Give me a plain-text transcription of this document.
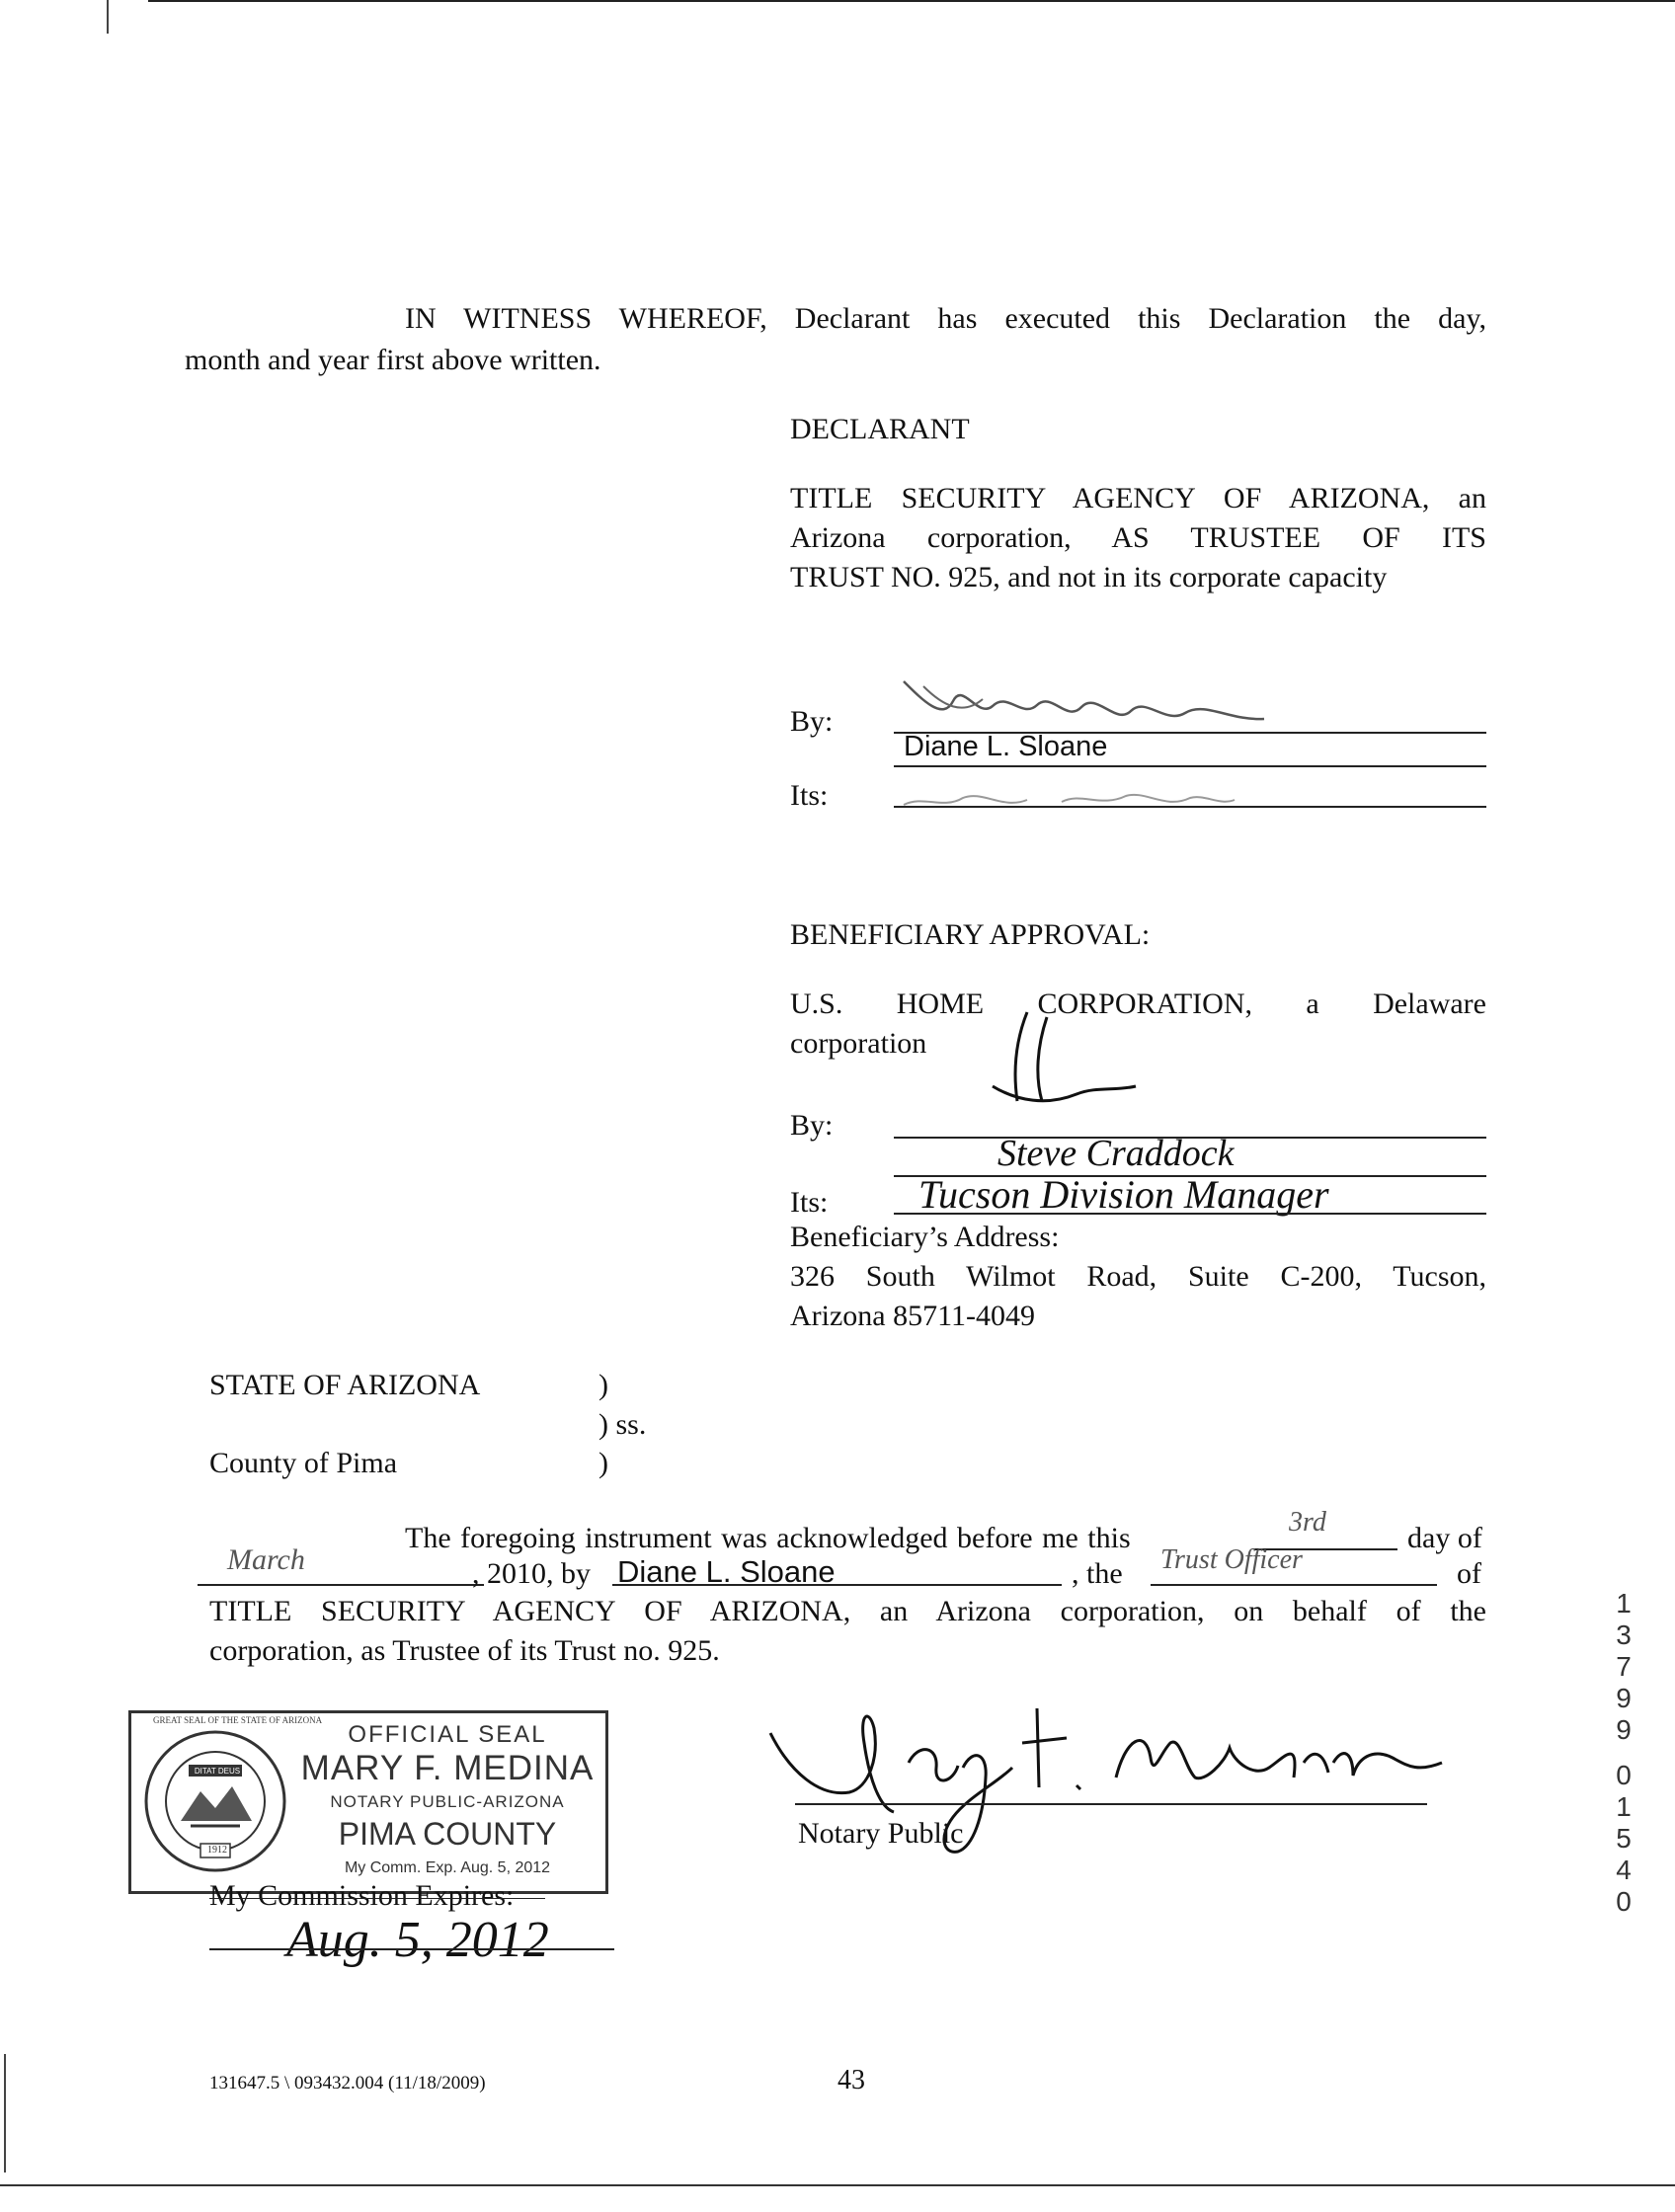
IN WITNESS WHEREOF, Declarant has executed this Declaration the day,
month and year first above written.
DECLARANT
TITLE SECURITY AGENCY OF ARIZONA, an
Arizona corporation, AS TRUSTEE OF ITS
TRUST NO. 925, and not in its corporate capacity
By:
Diane L. Sloane
Its:
BENEFICIARY APPROVAL:
U.S. HOME CORPORATION, a Delaware
corporation
By:
Steve Craddock
Its: Tucson Division Manager
Beneficiary’s Address:
326 South Wilmot Road, Suite C-200, Tucson,
Arizona 85711-4049
STATE OF ARIZONA	)
) ss.
County of Pima	)
The foregoing instrument was acknowledged before me this	3rd	day of
March	, 2010, by Diane L. Sloane	, the Trust Officer	of
TITLE SECURITY AGENCY OF ARIZONA, an Arizona corporation, on behalf of the
corporation, as Trustee of its Trust no. 925.
GREAT SEAL OF THE STATE OF ARIZONA
DITAT DEUS
1912
OFFICIAL SEAL
MARY F. MEDINA
NOTARY PUBLIC-ARIZONA
PIMA COUNTY
My Comm. Exp. Aug. 5, 2012
My Commission Expires:
Aug. 5, 2012
Notary Public
131647.5 \ 093432.004 (11/18/2009)	43
1
3
7
9
9
0
1
5
4
0
